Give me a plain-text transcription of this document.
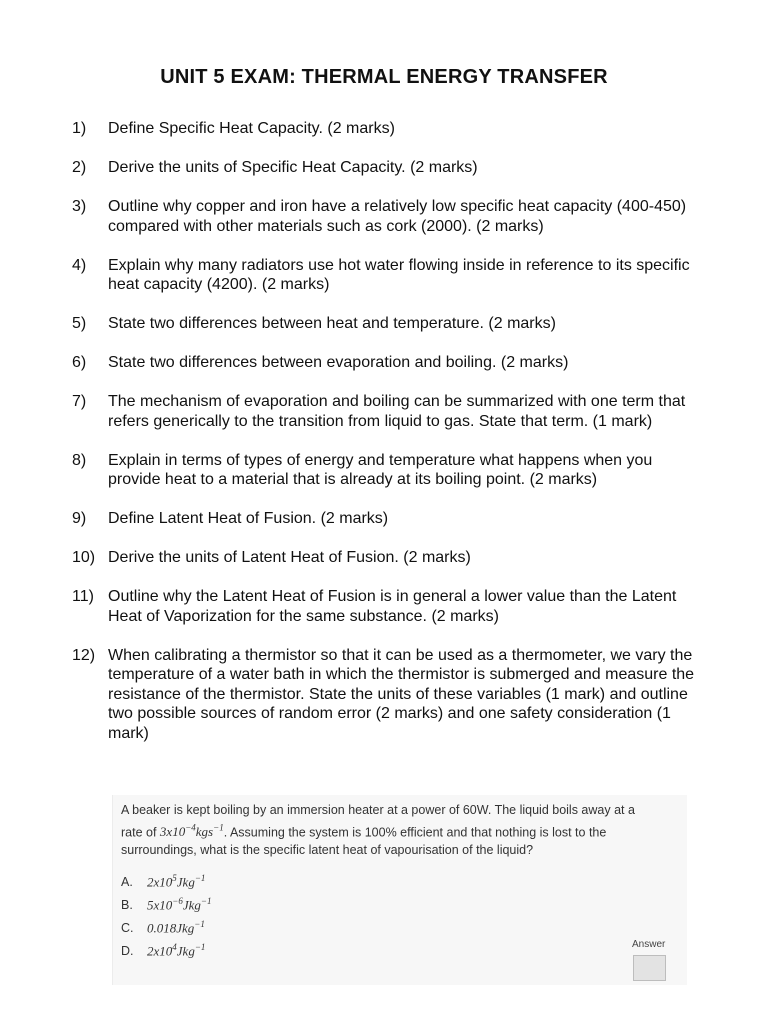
UNIT 5 EXAM: THERMAL ENERGY TRANSFER
1)	Define Specific Heat Capacity. (2 marks)
2)	Derive the units of Specific Heat Capacity. (2 marks)
3)	Outline why copper and iron have a relatively low specific heat capacity (400-450) compared with other materials such as cork (2000). (2 marks)
4)	Explain why many radiators use hot water flowing inside in reference to its specific heat capacity (4200). (2 marks)
5)	State two differences between heat and temperature. (2 marks)
6)	State two differences between evaporation and boiling. (2 marks)
7)	The mechanism of evaporation and boiling can be summarized with one term that refers generically to the transition from liquid to gas. State that term. (1 mark)
8)	Explain in terms of types of energy and temperature what happens when you provide heat to a material that is already at its boiling point. (2 marks)
9)	Define Latent Heat of Fusion. (2 marks)
10) Derive the units of Latent Heat of Fusion. (2 marks)
11) Outline why the Latent Heat of Fusion is in general a lower value than the Latent Heat of Vaporization for the same substance. (2 marks)
12) When calibrating a thermistor so that it can be used as a thermometer, we vary the temperature of a water bath in which the thermistor is submerged and measure the resistance of the thermistor. State the units of these variables (1 mark) and outline two possible sources of random error (2 marks) and one safety consideration (1 mark)
A beaker is kept boiling by an immersion heater at a power of 60W. The liquid boils away at a
rate of $3x10^{-4}kgs^{-1}$. Assuming the system is 100% efficient and that nothing is lost to the
surroundings, what is the specific latent heat of vapourisation of the liquid?
A.	$2x10^5Jkg^{-1}$
B.	$5x10^{-6}Jkg^{-1}$
C.	0.018Jkg$^{-1}$
D.	$2x10^4Jkg^{-1}$	Answer
